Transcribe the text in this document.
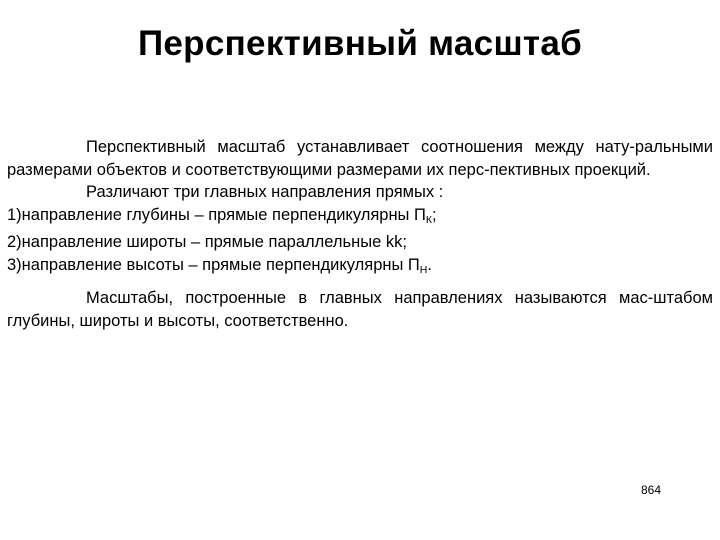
Перспективный масштаб

Перспективный масштаб устанавливает соотношения между нату-ральными размерами объектов и соответствующими размерами их перс-пективных проекций.

Различают три главных направления прямых :

1)направление глубины – прямые перпендикулярны $П_К$;

2)направление широты – прямые параллельные kk;

3)направление высоты – прямые перпендикулярны $П_Н$.

Масштабы, построенные в главных направлениях называются мас-штабом глубины, широты и высоты, соответственно.

864
